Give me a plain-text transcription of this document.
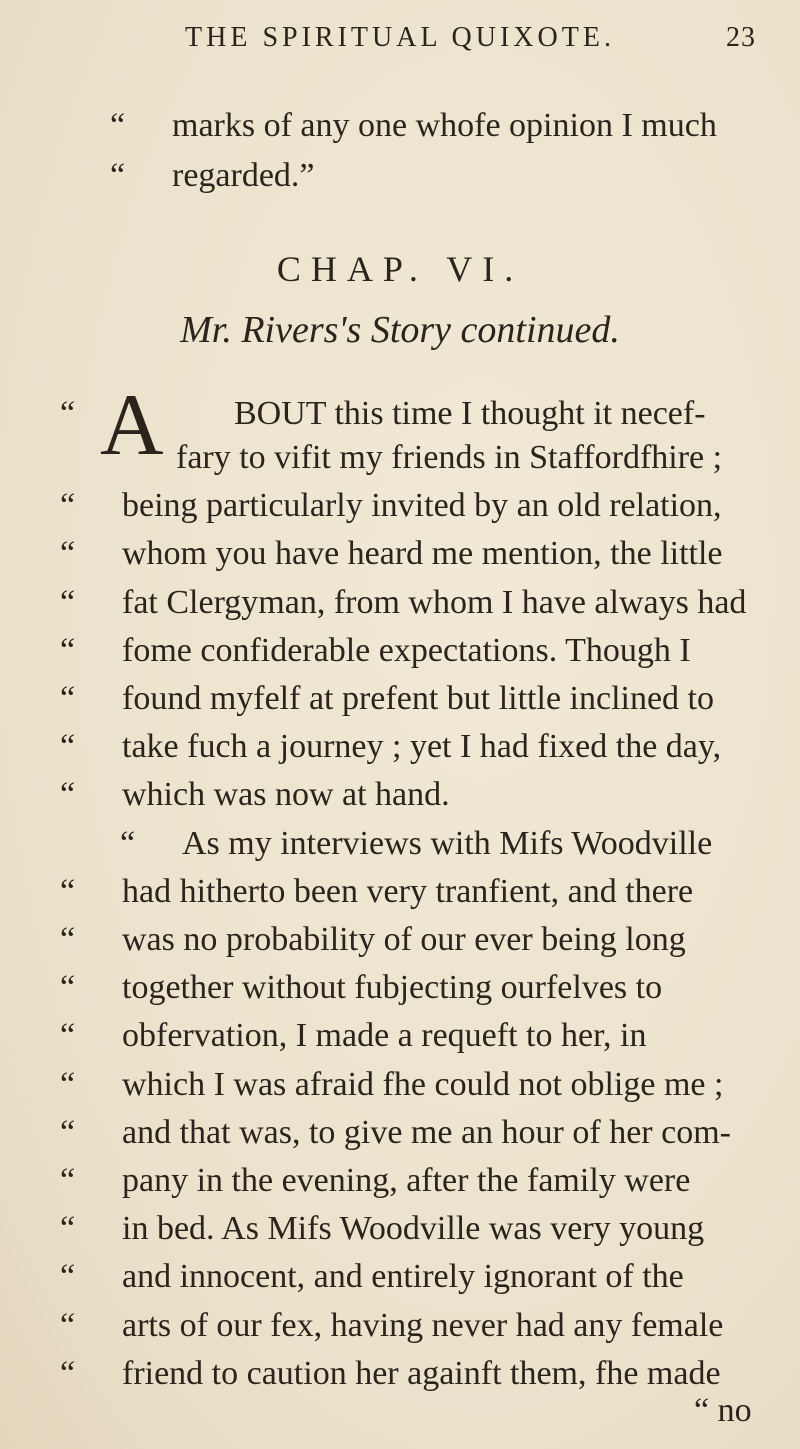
THE SPIRITUAL QUIXOTE.	23
“ marks of any one whofe opinion I much
“ regarded.”
CHAP. VI.
Mr. Rivers's Story continued.
A
“	BOUT this time I thought it necef-
fary to vifit my friends in Staffordfhire ;
“ being particularly invited by an old relation,
“ whom you have heard me mention, the little
“ fat Clergyman, from whom I have always had
“ fome confiderable expectations. Though I
“ found myfelf at prefent but little inclined to
“ take fuch a journey ; yet I had fixed the day,
“ which was now at hand.
“ As my interviews with Mifs Woodville
“ had hitherto been very tranfient, and there
“ was no probability of our ever being long
“ together without fubjecting ourfelves to
“ obfervation, I made a requeft to her, in
“ which I was afraid fhe could not oblige me ;
“ and that was, to give me an hour of her com-
“ pany in the evening, after the family were
“ in bed. As Mifs Woodville was very young
“ and innocent, and entirely ignorant of the
“ arts of our fex, having never had any female
“ friend to caution her againft them, fhe made
“ no
